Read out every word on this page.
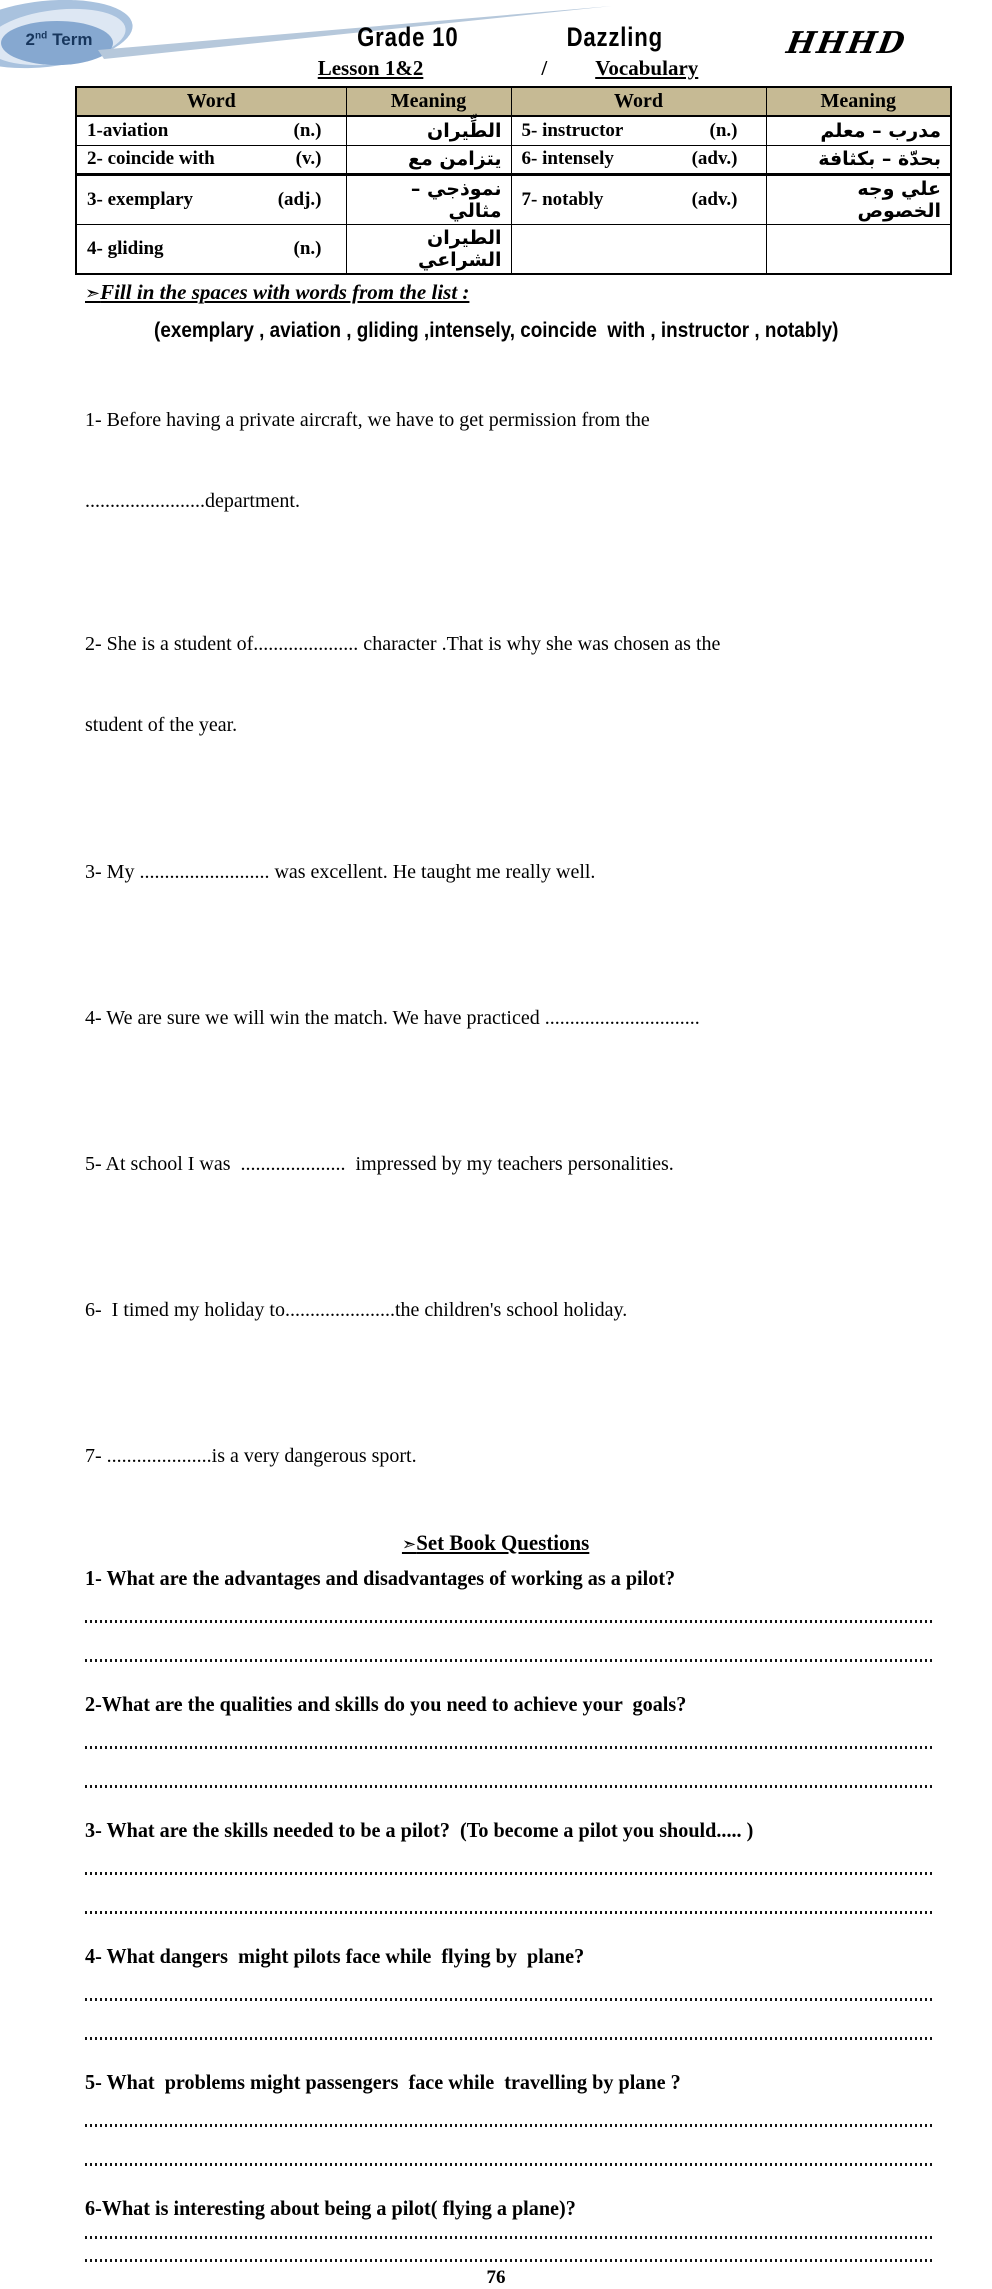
2nd Term	HHHD
Grade 10	Dazzling
Lesson 1&2	/ Vocabulary
Word	Meaning	Word	Meaning

1-aviation (n.)	الطِّيران	5- instructor (n.)	مدرب – معلم

2- coincide with (v.)	يتزامن مع	6- intensely (adv.)	بحدّة – بكثافة

3- exemplary (adj.)	نموذجي – مثالي	7- notably (adv.)	علي وجه الخصوص

4- gliding (n.)	الطيران الشراعي	

➣Fill in the spaces with words from the list :
(exemplary , aviation , gliding ,intensely, coincide  with , instructor , notably)

1- Before having a private aircraft, we have to get permission from the

........................department.

2- She is a student of..................... character .That is why she was chosen as the

student of the year.

3- My .......................... was excellent. He taught me really well.

4- We are sure we will win the match. We have practiced ...............................

5- At school I was  .....................  impressed by my teachers personalities.

6-  I timed my holiday to......................the children's school holiday.

7- .....................is a very dangerous sport.

➣Set Book Questions
1- What are the advantages and disadvantages of working as a pilot?
2-What are the qualities and skills do you need to achieve your  goals?
3- What are the skills needed to be a pilot?  (To become a pilot you should..... )
4- What dangers  might pilots face while  flying by  plane?
5- What  problems might passengers  face while  travelling by plane ?
6-What is interesting about being a pilot( flying a plane)?
76
